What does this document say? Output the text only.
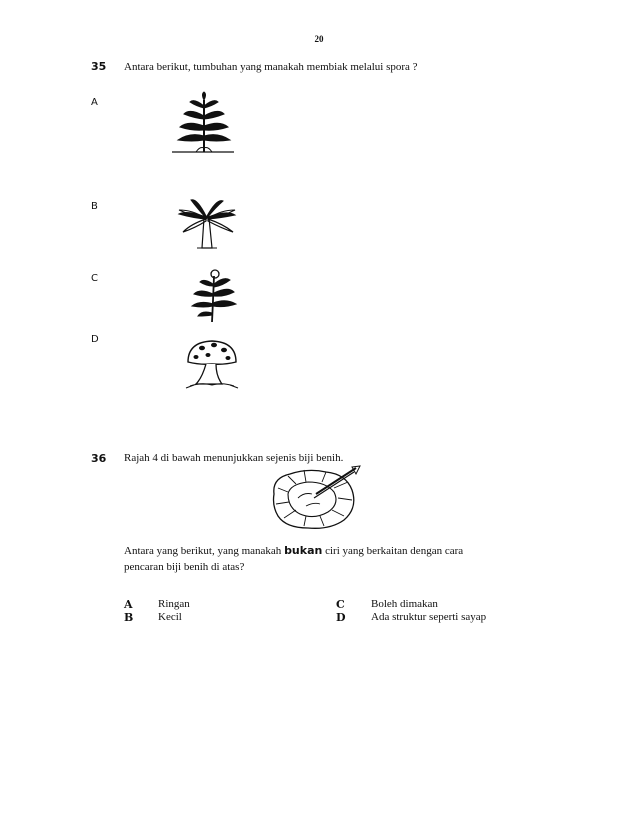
20
35 Antara berikut, tumbuhan yang manakah membiak melalui spora ?
A
B
C
D
36 Rajah 4 di bawah menunjukkan sejenis biji benih.
Antara yang berikut, yang manakah bukan ciri yang berkaitan dengan cara
pencaran biji benih di atas?
A Ringan
B Kecil
C Boleh dimakan
D Ada struktur seperti sayap
